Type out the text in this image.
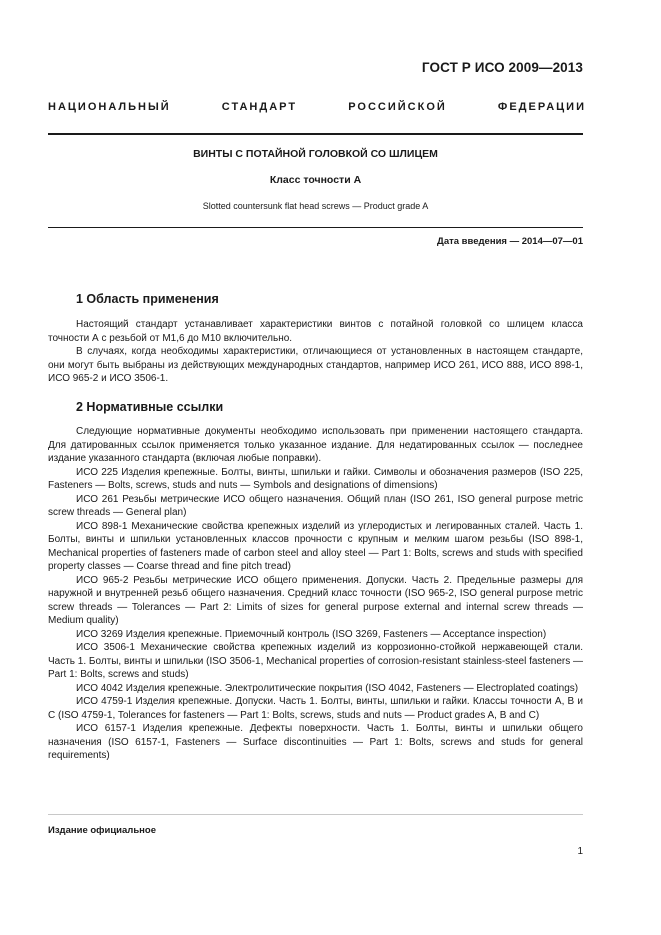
ГОСТ Р ИСО 2009—2013
НАЦИОНАЛЬНЫЙ СТАНДАРТ РОССИЙСКОЙ ФЕДЕРАЦИИ
ВИНТЫ С ПОТАЙНОЙ ГОЛОВКОЙ СО ШЛИЦЕМ
Класс точности А
Slotted countersunk flat head screws — Product grade A
Дата введения — 2014—07—01
1 Область применения

Настоящий стандарт устанавливает характеристики винтов с потайной головкой со шлицем класса точности А с резьбой от М1,6 до М10 включительно.

В случаях, когда необходимы характеристики, отличающиеся от установленных в настоящем стандарте, они могут быть выбраны из действующих международных стандартов, например ИСО 261, ИСО 888, ИСО 898-1, ИСО 965-2 и ИСО 3506-1.

2 Нормативные ссылки

Следующие нормативные документы необходимо использовать при применении настоящего стандарта. Для датированных ссылок применяется только указанное издание. Для недатированных ссылок — последнее издание указанного стандарта (включая любые поправки).

ИСО 225 Изделия крепежные. Болты, винты, шпильки и гайки. Символы и обозначения размеров (ISO 225, Fasteners — Bolts, screws, studs and nuts — Symbols and designations of dimensions)

ИСО 261 Резьбы метрические ИСО общего назначения. Общий план (ISO 261, ISO general purpose metric screw threads — General plan)

ИСО 898-1 Механические свойства крепежных изделий из углеродистых и легированных сталей. Часть 1. Болты, винты и шпильки установленных классов прочности с крупным и мелким шагом резьбы (ISO 898-1, Mechanical properties of fasteners made of carbon steel and alloy steel — Part 1: Bolts, screws and studs with specified property classes — Coarse thread and fine pitch tread)

ИСО 965-2 Резьбы метрические ИСО общего применения. Допуски. Часть 2. Предельные размеры для наружной и внутренней резьб общего назначения. Средний класс точности (ISO 965-2, ISO general purpose metric screw threads — Tolerances — Part 2: Limits of sizes for general purpose external and internal screw threads — Medium quality)

ИСО 3269 Изделия крепежные. Приемочный контроль (ISO 3269, Fasteners — Acceptance inspection)

ИСО 3506-1 Механические свойства крепежных изделий из коррозионно-стойкой нержавеющей стали. Часть 1. Болты, винты и шпильки (ISO 3506-1, Mechanical properties of corrosion-resistant stainless-steel fasteners — Part 1: Bolts, screws and studs)

ИСО 4042 Изделия крепежные. Электролитические покрытия (ISO 4042, Fasteners — Electroplated coatings)

ИСО 4759-1 Изделия крепежные. Допуски. Часть 1. Болты, винты, шпильки и гайки. Классы точности A, B и C (ISO 4759-1, Tolerances for fasteners — Part 1: Bolts, screws, studs and nuts — Product grades A, B and C)

ИСО 6157-1 Изделия крепежные. Дефекты поверхности. Часть 1. Болты, винты и шпильки общего назначения (ISO 6157-1, Fasteners — Surface discontinuities — Part 1: Bolts, screws and studs for general requirements)

Издание официальное
1
